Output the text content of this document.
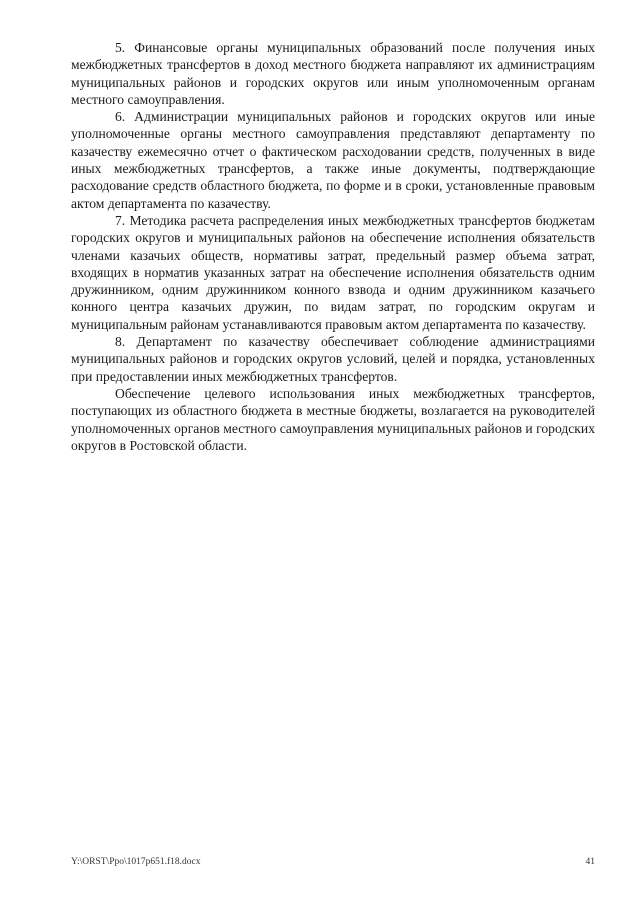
5. Финансовые органы муниципальных образований после получения иных межбюджетных трансфертов в доход местного бюджета направляют их администрациям муниципальных районов и городских округов или иным уполномоченным органам местного самоуправления.

6. Администрации муниципальных районов и городских округов или иные уполномоченные органы местного самоуправления представляют департаменту по казачеству ежемесячно отчет о фактическом расходовании средств, полученных в виде иных межбюджетных трансфертов, а также иные документы, подтверждающие расходование средств областного бюджета, по форме и в сроки, установленные правовым актом департамента по казачеству.

7. Методика расчета распределения иных межбюджетных трансфертов бюджетам городских округов и муниципальных районов на обеспечение исполнения обязательств членами казачьих обществ, нормативы затрат, предельный размер объема затрат, входящих в норматив указанных затрат на обеспечение исполнения обязательств одним дружинником, одним дружинником конного взвода и одним дружинником казачьего конного центра казачьих дружин, по видам затрат, по городским округам и муниципальным районам устанавливаются правовым актом департамента по казачеству.

8. Департамент по казачеству обеспечивает соблюдение администрациями муниципальных районов и городских округов условий, целей и порядка, установленных при предоставлении иных межбюджетных трансфертов.

Обеспечение целевого использования иных межбюджетных трансфертов, поступающих из областного бюджета в местные бюджеты, возлагается на руководителей уполномоченных органов местного самоуправления муниципальных районов и городских округов в Ростовской области.

Y:\ORST\Ppo\1017p651.f18.docx	41
